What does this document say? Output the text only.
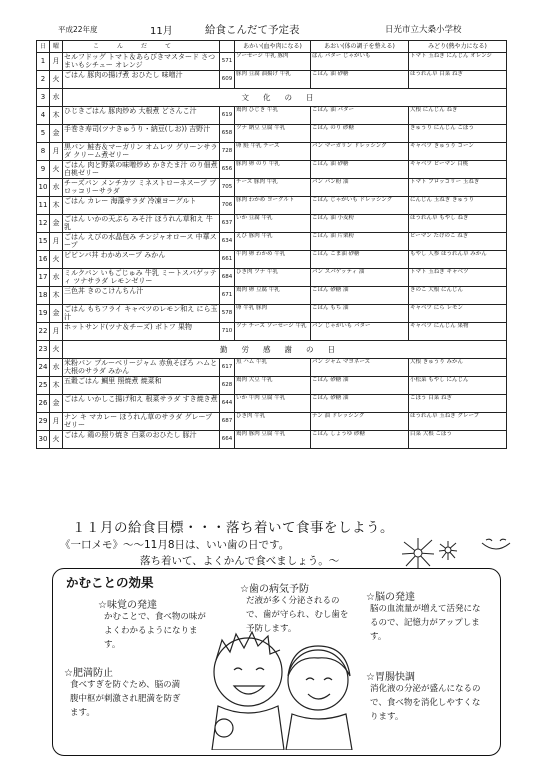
平成22年度	11月	給食こんだて予定表	日光市立大桑小学校
日	曜	こんだて		あかい(血や肉になる)	あおい(体の調子を整える)	みどり(熱や力になる)
1	月	セルフドッグ トマト＆あらびきマスタード さつまいもシチュー オレンジ	571	ソーセージ 牛乳 豚肉	ばん バター じゃがいも	トマト 玉ねぎ にんじん オレンジ
2	火	ごはん 豚肉の揚げ煮 おひたし 味噌汁	609	豚肉 豆腐 油揚げ 牛乳	ごはん 油 砂糖	ほうれん草 白菜 ねぎ
3	水	文化の日				
4	木	ひじきごはん 豚肉炒め 大根煮 どさんこ汁	619	鶏肉 ひじき 牛乳	ごはん 油 バター	大根 にんじん ねぎ
5	金	手巻き寿司(ツナきゅうり・納豆(しお)) 吉野汁	658	ツナ 納豆 豆腐 牛乳	ごはん のり 砂糖	きゅうり にんじん ごぼう
8	月	黒パン 鮭杏＆マーガリン オムレツ グリーンサラダ クリーム煮ゼリー	728	卵 鮭 牛乳 チーズ	パン マーガリン ドレッシング	キャベツ きゅうり コーン
9	火	ごはん 肉と野菜の味噌炒め かきたま汁 のり佃煮 白桃ゼリー	656	豚肉 卵 のり 牛乳	ごはん 油 砂糖	キャベツ ピーマン 白桃
10	水	チーズパン メンチカツ ミネストローネスープ ブロッコリーサラダ	705	チーズ 豚肉 牛乳	パン パン粉 油	トマト ブロッコリー 玉ねぎ
11	木	ごはん カレー 海藻サラダ 冷凍ヨーグルト	706	豚肉 わかめ ヨーグルト	ごはん じゃがいも ドレッシング	にんじん 玉ねぎ きゅうり
12	金	ごはん いかの天ぷら みそ汁 ほうれん草和え 牛乳	637	いか 豆腐 牛乳	ごはん 油 小麦粉	ほうれん草 もやし ねぎ
15	月	ごはん えびの水晶包み チンジャオロース 中華スープ	634	えび 豚肉 牛乳	ごはん 油 片栗粉	ピーマン たけのこ ねぎ
16	火	ピビンバ丼 わかめスープ みかん	661	牛肉 卵 わかめ 牛乳	ごはん ごま油 砂糖	もやし 人参 ほうれん草 みかん
17	水	ミルクパン いもごじゅみ 牛乳 ミートスパゲッティ ツナサラダ レモンゼリー	684	ひき肉 ツナ 牛乳	パン スパゲッティ 油	トマト 玉ねぎ キャベツ
18	木	三色丼 きのこけんちん汁	671	鶏肉 卵 豆腐 牛乳	ごはん 砂糖 油	きのこ 大根 にんじん
19	金	ごはん もちフライ キャベツのレモン和え にら玉汁	578	卵 牛乳 豚肉	ごはん もち 油	キャベツ にら レモン
22	月	ホットサンド(ツナ＆チーズ) ポトフ 果物	710	ツナ チーズ ソーセージ 牛乳	パン じゃがいも バター	キャベツ にんじん 果物
23	火	勤労感謝の日				
24	水	米粉パン ブルーベリージャム 赤魚そぼろ ハムと大根のサラダ みかん	617	魚 ハム 牛乳	パン ジャム マヨネーズ	大根 きゅうり みかん
25	木	五穀ごはん 鯛里 照焼煮 焼菜和	628	鶏肉 大豆 牛乳	ごはん 砂糖 油	小松菜 もやし にんじん
26	金	ごはん いかしこ揚げ和え 根菜サラダ すき焼き煮	644	いか 牛肉 豆腐 牛乳	ごはん 砂糖 油	ごぼう 白菜 ねぎ
29	月	ナン キ マカレー ほうれん草のサラダ グレープゼリー	687	ひき肉 牛乳	ナン 油 ドレッシング	ほうれん草 玉ねぎ グレープ
30	火	ごはん 鶏の照り焼き 白菜のおひたし 豚汁	664	鶏肉 豚肉 豆腐 牛乳	ごはん しょうゆ 砂糖	白菜 大根 ごぼう
１１月の給食目標・・・落ち着いて食事をしよう。
《一口メモ》～～11月8日は、いい歯の日です。
落ち着いて、よくかんで食べましょう。～
かむことの効果
☆味覚の発達
かむことで、食べ物の味がよくわかるようになります。
☆歯の病気予防
だ液が多く分泌されるので、歯が守られ、むし歯を予防します。
☆脳の発達
脳の血流量が増えて活発になるので、記憶力がアップします。
☆肥満防止
食べすぎを防ぐため、脳の満腹中枢が刺激され肥満を防ぎます。
☆胃腸快調
消化液の分泌が盛んになるので、食べ物を消化しやすくなります。
